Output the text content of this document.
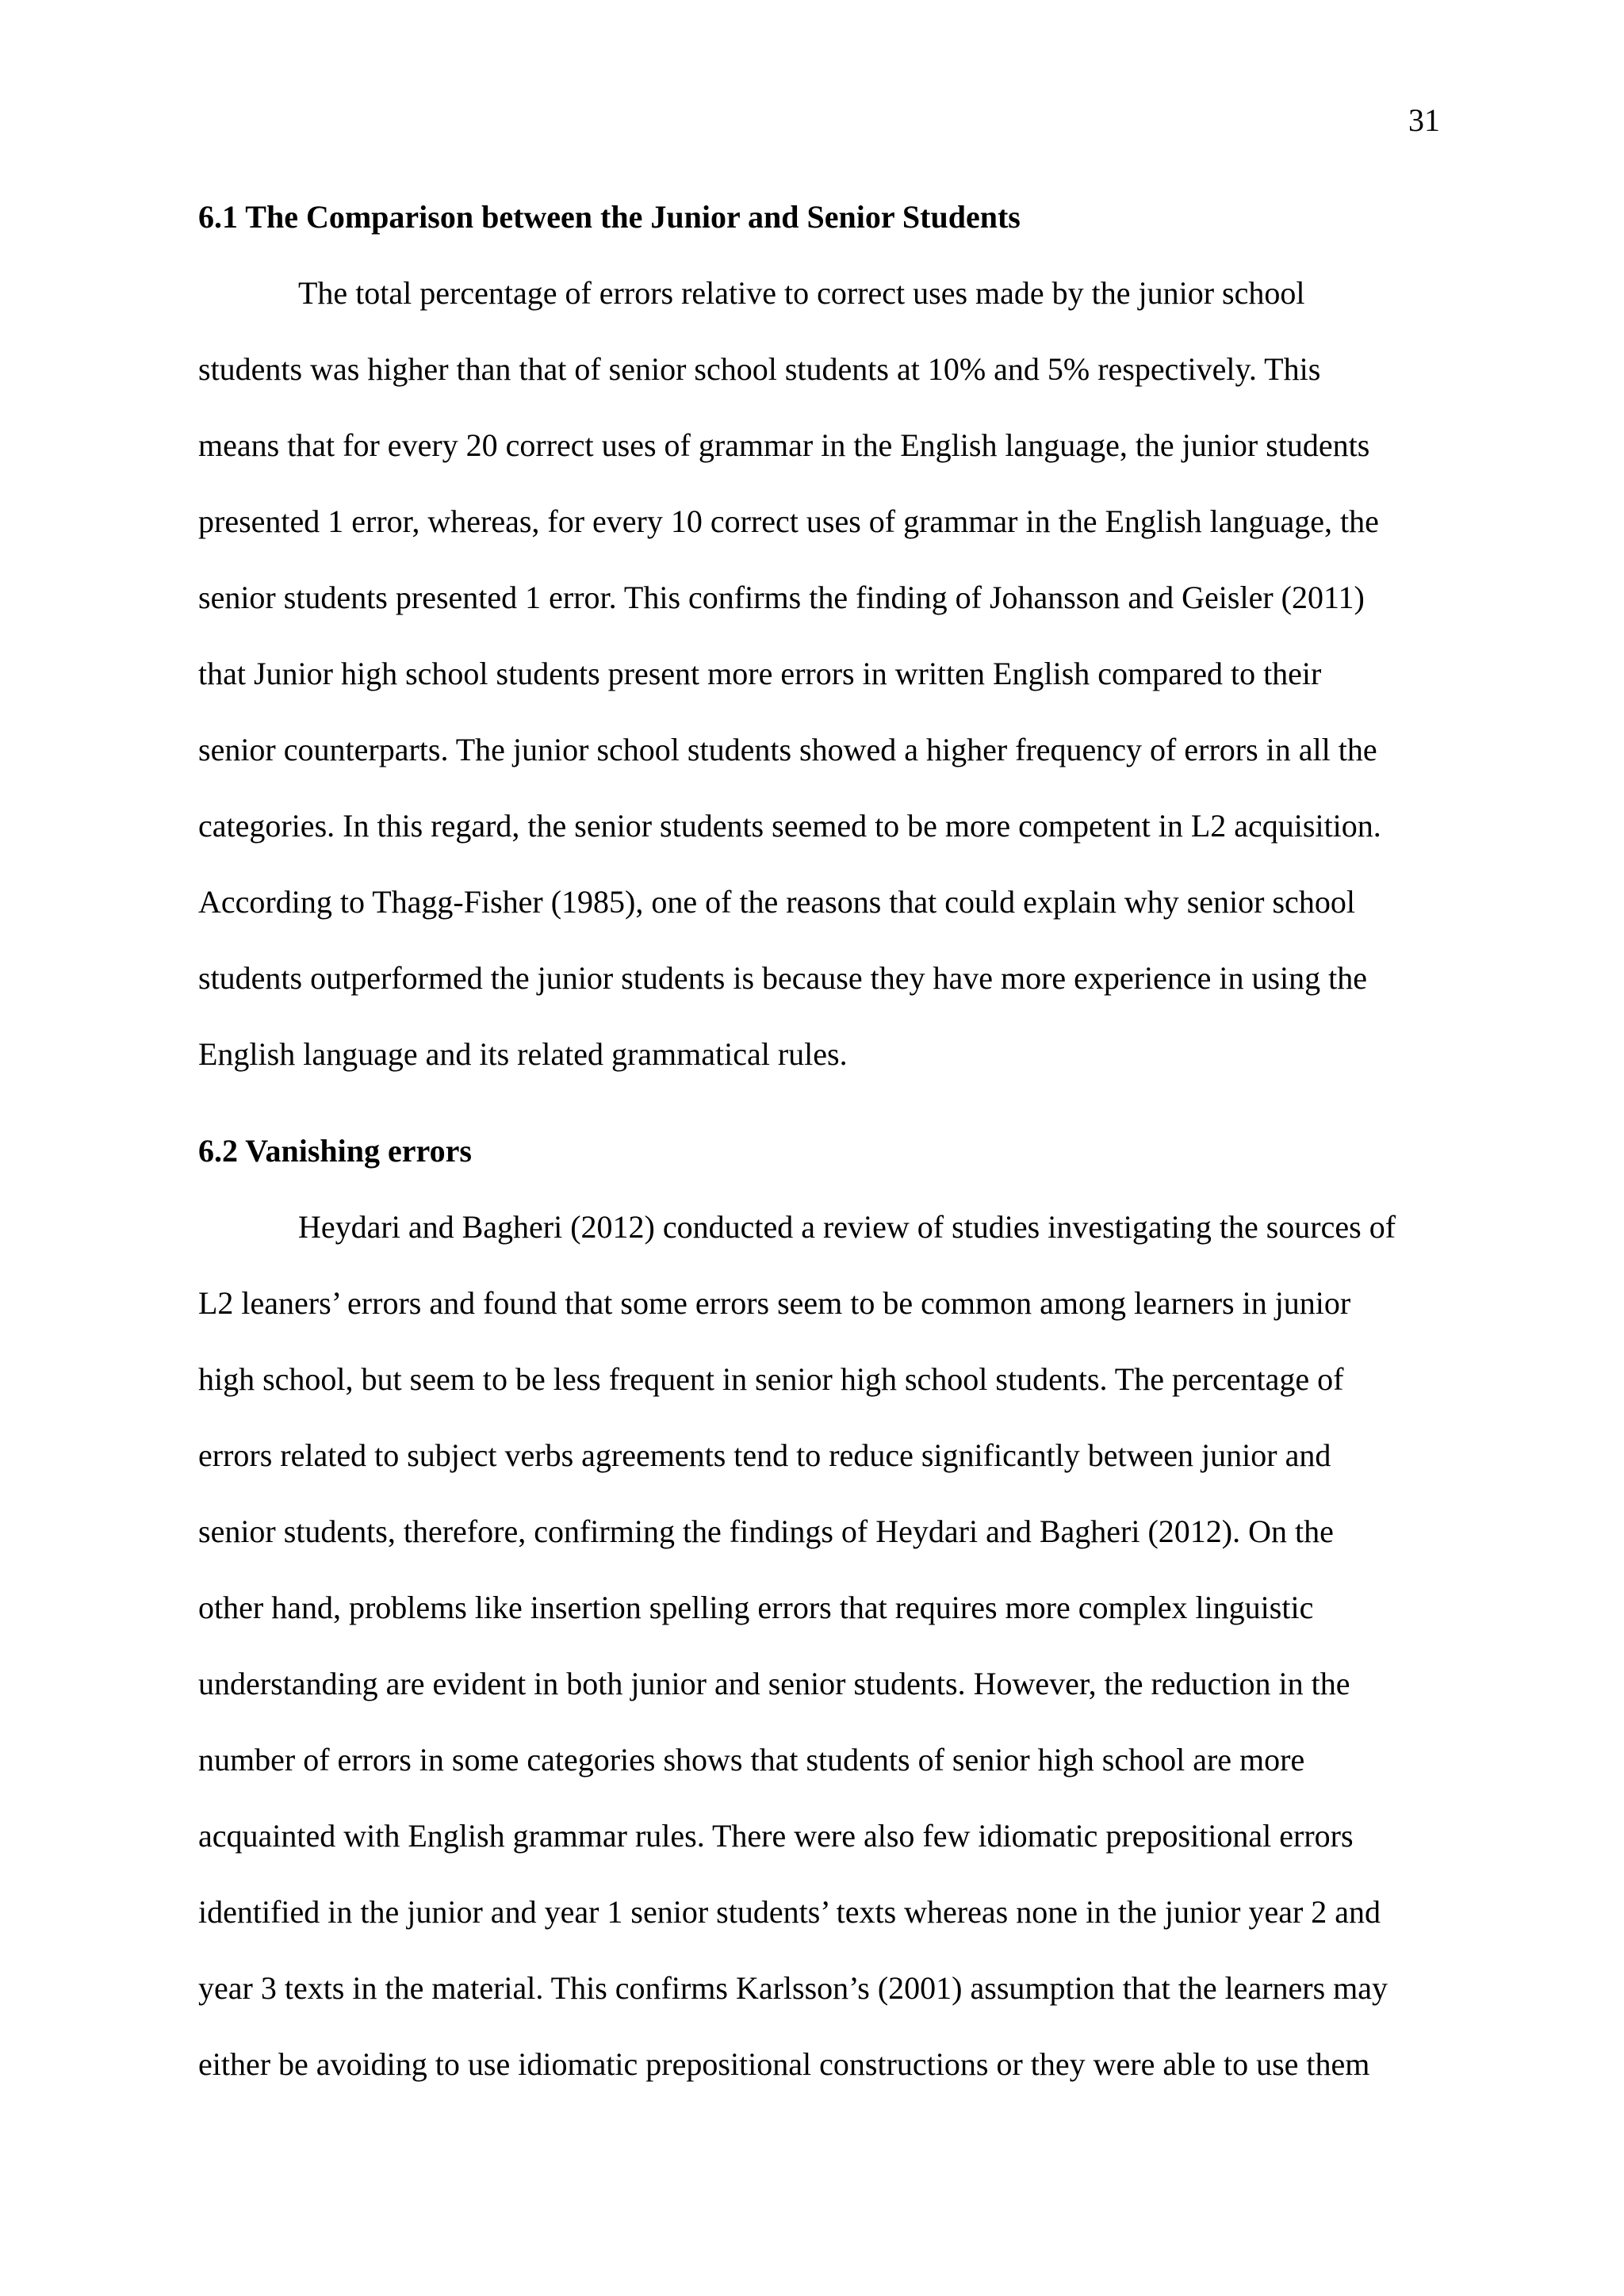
31
6.1 The Comparison between the Junior and Senior Students
The total percentage of errors relative to correct uses made by the junior school
students was higher than that of senior school students at 10% and 5% respectively. This
means that for every 20 correct uses of grammar in the English language, the junior students
presented 1 error, whereas, for every 10 correct uses of grammar in the English language, the
senior students presented 1 error. This confirms the finding of Johansson and Geisler (2011)
that Junior high school students present more errors in written English compared to their
senior counterparts. The junior school students showed a higher frequency of errors in all the
categories. In this regard, the senior students seemed to be more competent in L2 acquisition.
According to Thagg-Fisher (1985), one of the reasons that could explain why senior school
students outperformed the junior students is because they have more experience in using the
English language and its related grammatical rules.
6.2 Vanishing errors
Heydari and Bagheri (2012) conducted a review of studies investigating the sources of
L2 leaners’ errors and found that some errors seem to be common among learners in junior
high school, but seem to be less frequent in senior high school students. The percentage of
errors related to subject verbs agreements tend to reduce significantly between junior and
senior students, therefore, confirming the findings of Heydari and Bagheri (2012). On the
other hand, problems like insertion spelling errors that requires more complex linguistic
understanding are evident in both junior and senior students. However, the reduction in the
number of errors in some categories shows that students of senior high school are more
acquainted with English grammar rules. There were also few idiomatic prepositional errors
identified in the junior and year 1 senior students’ texts whereas none in the junior year 2 and
year 3 texts in the material. This confirms Karlsson’s (2001) assumption that the learners may
either be avoiding to use idiomatic prepositional constructions or they were able to use them
